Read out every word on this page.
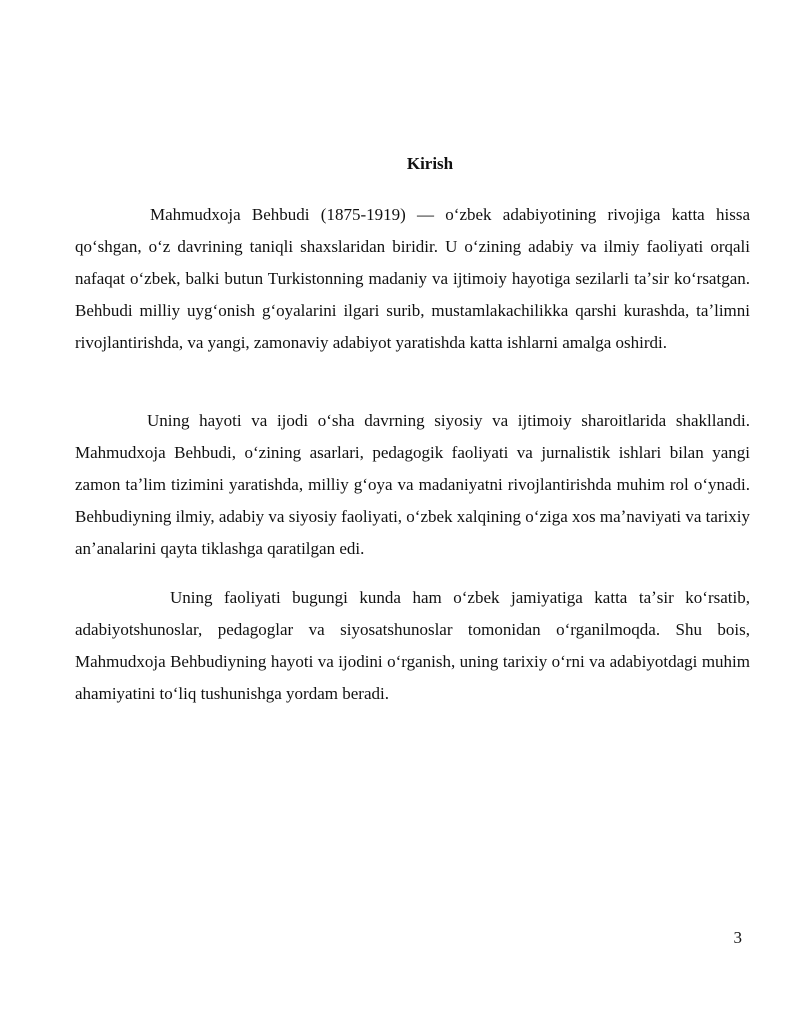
Kirish

Mahmudxoja Behbudi (1875-1919) — oʻzbek adabiyotining rivojiga katta hissa qoʻshgan, oʻz davrining taniqli shaxslaridan biridir. U oʻzining adabiy va ilmiy faoliyati orqali nafaqat oʻzbek, balki butun Turkistonning madaniy va ijtimoiy hayotiga sezilarli taʼsir koʻrsatgan. Behbudi milliy uygʻonish gʻoyalarini ilgari surib, mustamlakachilikka qarshi kurashda, taʼlimni rivojlantirishda, va yangi, zamonaviy adabiyot yaratishda katta ishlarni amalga oshirdi.

Uning hayoti va ijodi oʻsha davrning siyosiy va ijtimoiy sharoitlarida shakllandi. Mahmudxoja Behbudi, oʻzining asarlari, pedagogik faoliyati va jurnalistik ishlari bilan yangi zamon taʼlim tizimini yaratishda, milliy gʻoya va madaniyatni rivojlantirishda muhim rol oʻynadi. Behbudiyning ilmiy, adabiy va siyosiy faoliyati, oʻzbek xalqining oʻziga xos maʼnaviyati va tarixiy anʼanalarini qayta tiklashga qaratilgan edi.

Uning faoliyati bugungi kunda ham oʻzbek jamiyatiga katta taʼsir koʻrsatib, adabiyotshunoslar, pedagoglar va siyosatshunoslar tomonidan oʻrganilmoqda. Shu bois, Mahmudxoja Behbudiyning hayoti va ijodini oʻrganish, uning tarixiy oʻrni va adabiyotdagi muhim ahamiyatini toʻliq tushunishga yordam beradi.

3
